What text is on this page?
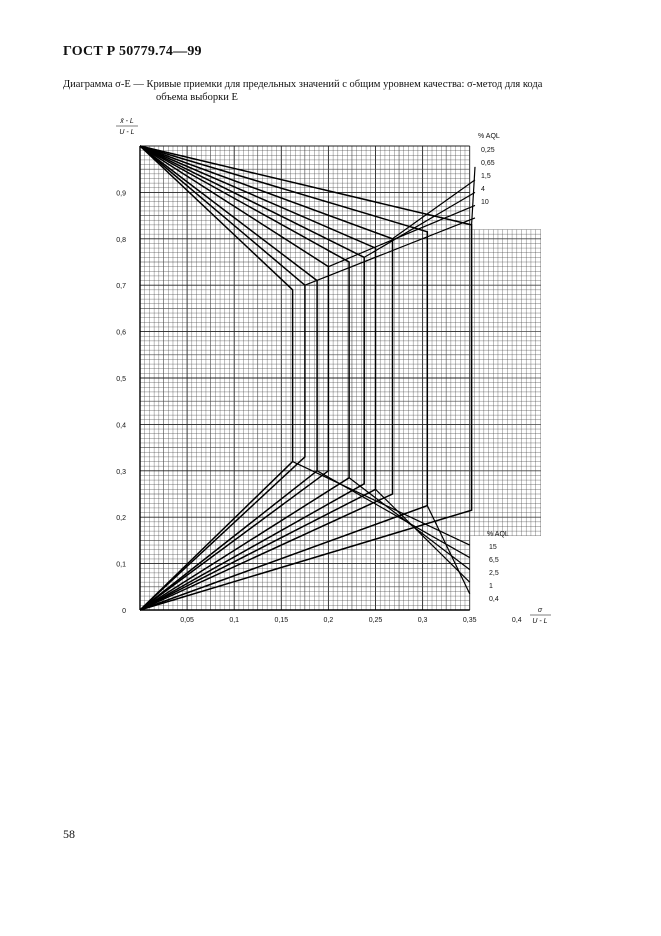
ГОСТ Р 50779.74—99
Диаграмма σ-Е — Кривые приемки для предельных значений с общим уровнем качества: σ-метод для кода
объема выборки Е
0,05	0,1	0,15	0,2	0,25	0,3	0,35	0,4
0
0,1
0,2
0,3
0,4
0,5
0,6
0,7
0,8
0,9
% AQL
0,25
0,65
1,5
4
10
% AQL
15
6,5
2,5
1
0,4
x̄ - L
U - L
σ
U - L
58
